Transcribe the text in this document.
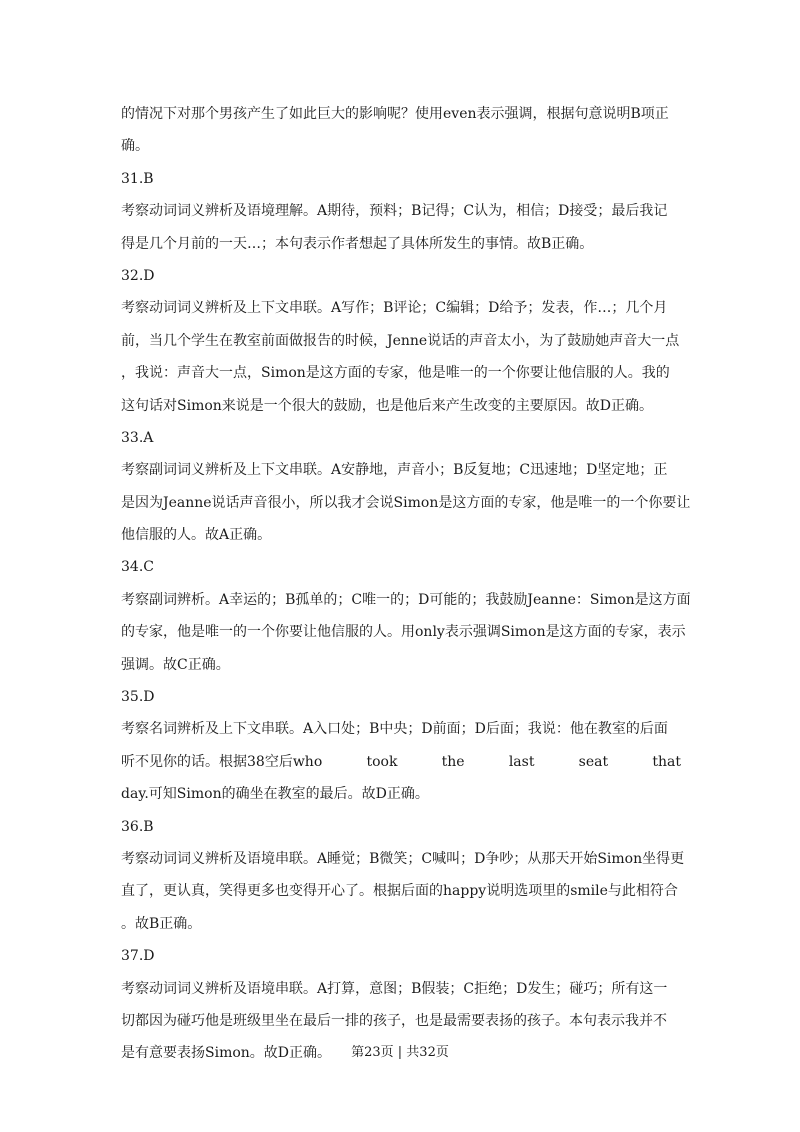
的情况下对那个男孩产生了如此巨大的影响呢？使用even表示强调，根据句意说明B项正
确。
31.B
考察动词词义辨析及语境理解。A期待，预料；B记得；C认为，相信；D接受；最后我记
得是几个月前的一天…；本句表示作者想起了具体所发生的事情。故B正确。
32.D
考察动词词义辨析及上下文串联。A写作；B评论；C编辑；D给予；发表，作…；几个月
前，当几个学生在教室前面做报告的时候，Jenne说话的声音太小，为了鼓励她声音大一点
，我说：声音大一点，Simon是这方面的专家，他是唯一的一个你要让他信服的人。我的
这句话对Simon来说是一个很大的鼓励，也是他后来产生改变的主要原因。故D正确。
33.A
考察副词词义辨析及上下文串联。A安静地，声音小；B反复地；C迅速地；D坚定地；正
是因为Jeanne说话声音很小，所以我才会说Simon是这方面的专家，他是唯一的一个你要让
他信服的人。故A正确。
34.C
考察副词辨析。A幸运的；B孤单的；C唯一的；D可能的；我鼓励Jeanne：Simon是这方面
的专家，他是唯一的一个你要让他信服的人。用only表示强调Simon是这方面的专家，表示
强调。故C正确。
35.D
考察名词辨析及上下文串联。A入口处；B中央；D前面；D后面；我说：他在教室的后面
听不见你的话。根据38空后who	took	the	last	seat	that
day.可知Simon的确坐在教室的最后。故D正确。
36.B
考察动词词义辨析及语境串联。A睡觉；B微笑；C喊叫；D争吵；从那天开始Simon坐得更
直了，更认真，笑得更多也变得开心了。根据后面的happy说明选项里的smile与此相符合
。故B正确。
37.D
考察动词词义辨析及语境串联。A打算，意图；B假装；C拒绝；D发生；碰巧；所有这一
切都因为碰巧他是班级里坐在最后一排的孩子，也是最需要表扬的孩子。本句表示我并不
是有意要表扬Simon。故D正确。	第23页 | 共32页
